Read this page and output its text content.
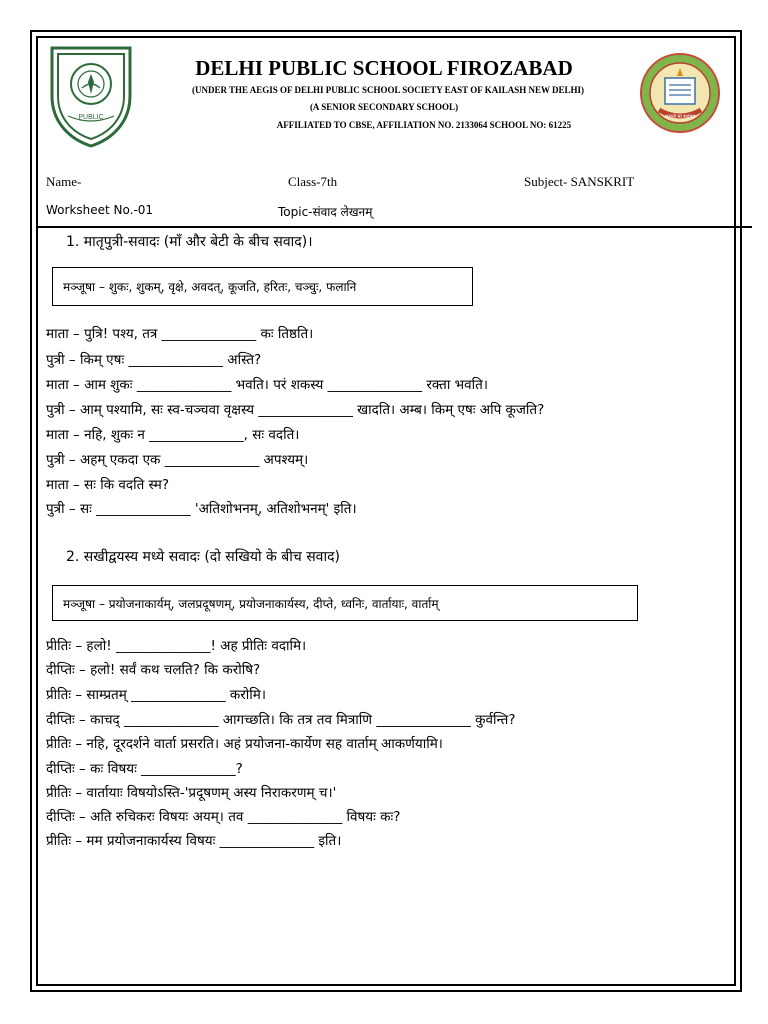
PUBLIC	असतो मा सद्गमय
DELHI PUBLIC SCHOOL FIROZABAD
(UNDER THE AEGIS OF DELHI PUBLIC SCHOOL SOCIETY EAST OF KAILASH NEW DELHI)
(A SENIOR SECONDARY SCHOOL)
AFFILIATED TO CBSE, AFFILIATION NO. 2133064 SCHOOL NO: 61225
Name-	Class-7th	Subject- SANSKRIT
Worksheet No.-01	Topic-संवाद लेखनम्
1. मातृपुत्री-सवादः (माँ और बेटी के बीच सवाद)।
मञ्जूषा – शुकः, शुकम्, वृक्षे, अवदत्, कूजति, हरितः, चञ्चुः, फलानि
माता – पुत्रि! पश्य, तत्र ______________ कः तिष्ठति।
पुत्री – किम् एषः ______________ अस्ति?
माता – आम शुकः ______________ भवति। परं शकस्य ______________ रक्ता भवति।
पुत्री – आम् पश्यामि, सः स्व-चञ्चवा वृक्षस्य ______________ खादति। अम्ब। किम् एषः अपि कूजति?
माता – नहि, शुकः न ______________, सः वदति।
पुत्री – अहम् एकदा एक ______________ अपश्यम्।
माता – सः कि वदति स्म?
पुत्री – सः ______________ 'अतिशोभनम्, अतिशोभनम्' इति।
2. सखीद्वयस्य मध्ये सवादः (दो सखियो के बीच सवाद)
मञ्जूषा – प्रयोजनाकार्यम्, जलप्रदूषणम्, प्रयोजनाकार्यस्य, दीप्ते, ध्वनिः, वार्तायाः, वार्ताम्
प्रीतिः – हलो! ______________! अह प्रीतिः वदामि।
दीप्तिः – हलो! सर्वं कथ चलति? कि करोषि?
प्रीतिः – साम्प्रतम् ______________ करोमि।
दीप्तिः – काचद् ______________ आगच्छति। कि तत्र तव मित्राणि ______________ कुर्वन्ति?
प्रीतिः – नहि, दूरदर्शने वार्ता प्रसरति। अहं प्रयोजना-कार्येण सह वार्ताम् आकर्णयामि।
दीप्तिः – कः विषयः ______________?
प्रीतिः – वार्तायाः विषयोऽस्ति-'प्रदूषणम् अस्य निराकरणम् च।'
दीप्तिः – अति रुचिकरः विषयः अयम्। तव ______________ विषयः कः?
प्रीतिः – मम प्रयोजनाकार्यस्य विषयः ______________ इति।
